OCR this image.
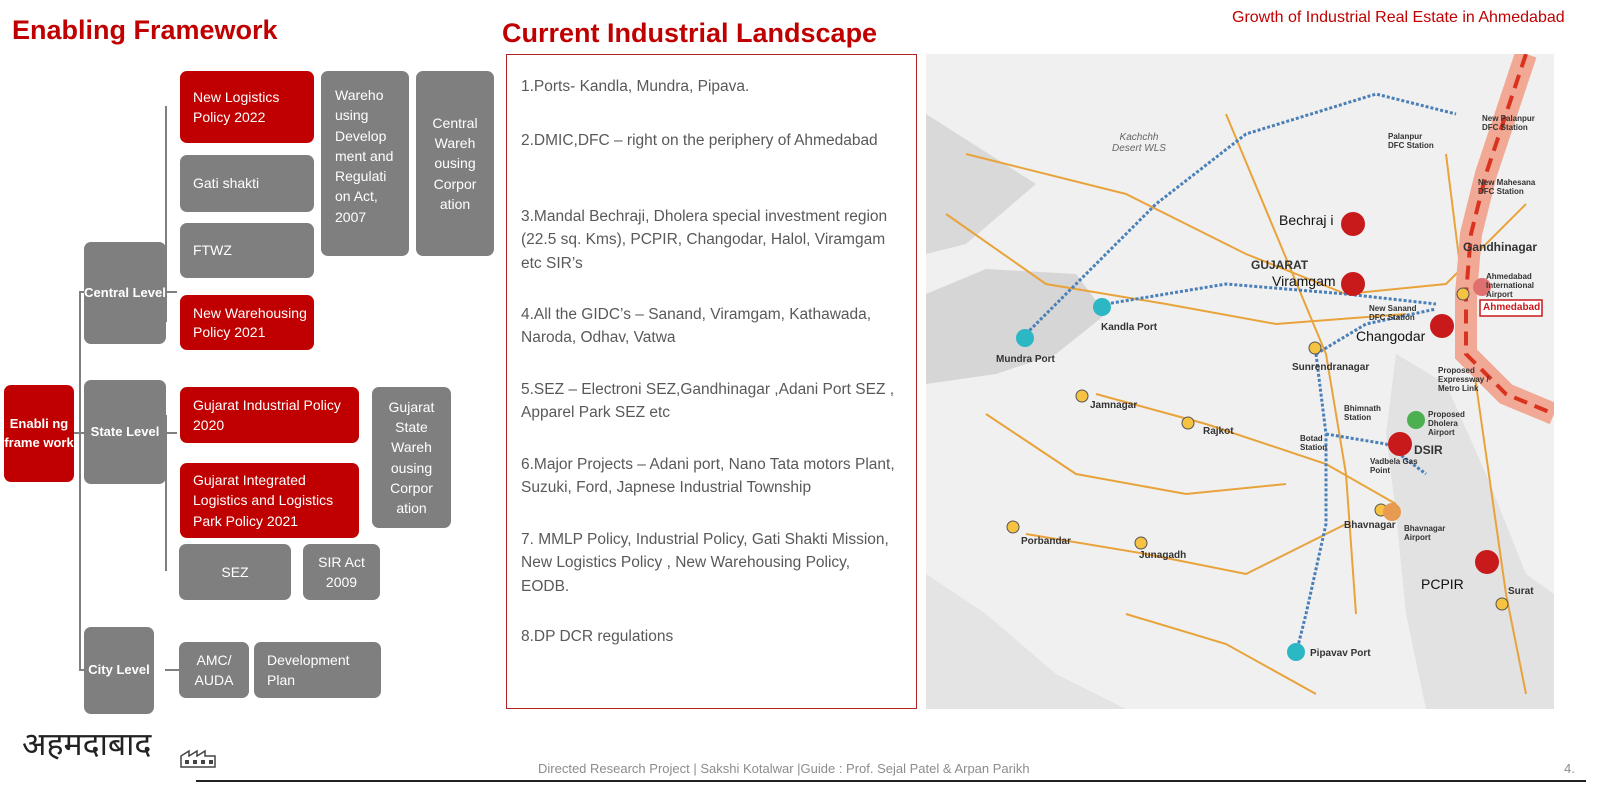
Growth of Industrial Real Estate in Ahmedabad
Enabling Framework
Enabli ng frame work
Central Level
State Level
City Level
New Logistics Policy 2022
Gati shakti
FTWZ
New Warehousing Policy 2021
Wareho using Develop ment and Regulati on Act, 2007
Central Wareh ousing Corpor ation
Gujarat Industrial Policy 2020
Gujarat Integrated Logistics and Logistics Park Policy 2021
SEZ
SIR Act 2009
Gujarat State Wareh ousing Corpor ation
AMC/ AUDA
Development Plan
Current Industrial Landscape
1.Ports- Kandla, Mundra, Pipava.
2.DMIC,DFC – right on the periphery of Ahmedabad
3.Mandal Bechraji, Dholera special investment region (22.5 sq. Kms), PCPIR, Changodar, Halol, Viramgam etc SIR’s
4.All the GIDC’s – Sanand, Viramgam, Kathawada, Naroda, Odhav, Vatwa
5.SEZ – Electroni SEZ,Gandhinagar ,Adani Port SEZ , Apparel Park SEZ etc
6.Major Projects – Adani port, Nano Tata motors Plant, Suzuki, Ford, Japnese Industrial Township
7. MMLP Policy, Industrial Policy, Gati Shakti Mission, New Logistics Policy , New Warehousing Policy, EODB.
8.DP DCR regulations
Bechraj i
Viramgam
Changodar
DSIR
PCPIR
GUJARAT
Gandhinagar
Ahmedabad
Kandla Port
Mundra Port
Jamnagar
Rajkot
Porbandar
Junagadh
Bhavnagar
Pipavav Port
Surat
Sunrendranagar
Kachchh Desert WLS
Palanpur DFC Station
New Mahesana DFC Station
New Palanpur DFC Station
New Sanand DFC Station
Ahmedabad International Airport
Proposed Dholera Airport
Proposed Expressway / Metro Link
Bhimnath Station
Botad Station
Vadbela Gas Point
Bhavnagar Airport
अहमदाबाद
Directed Research Project | Sakshi Kotalwar |Guide : Prof. Sejal Patel & Arpan Parikh	4.
